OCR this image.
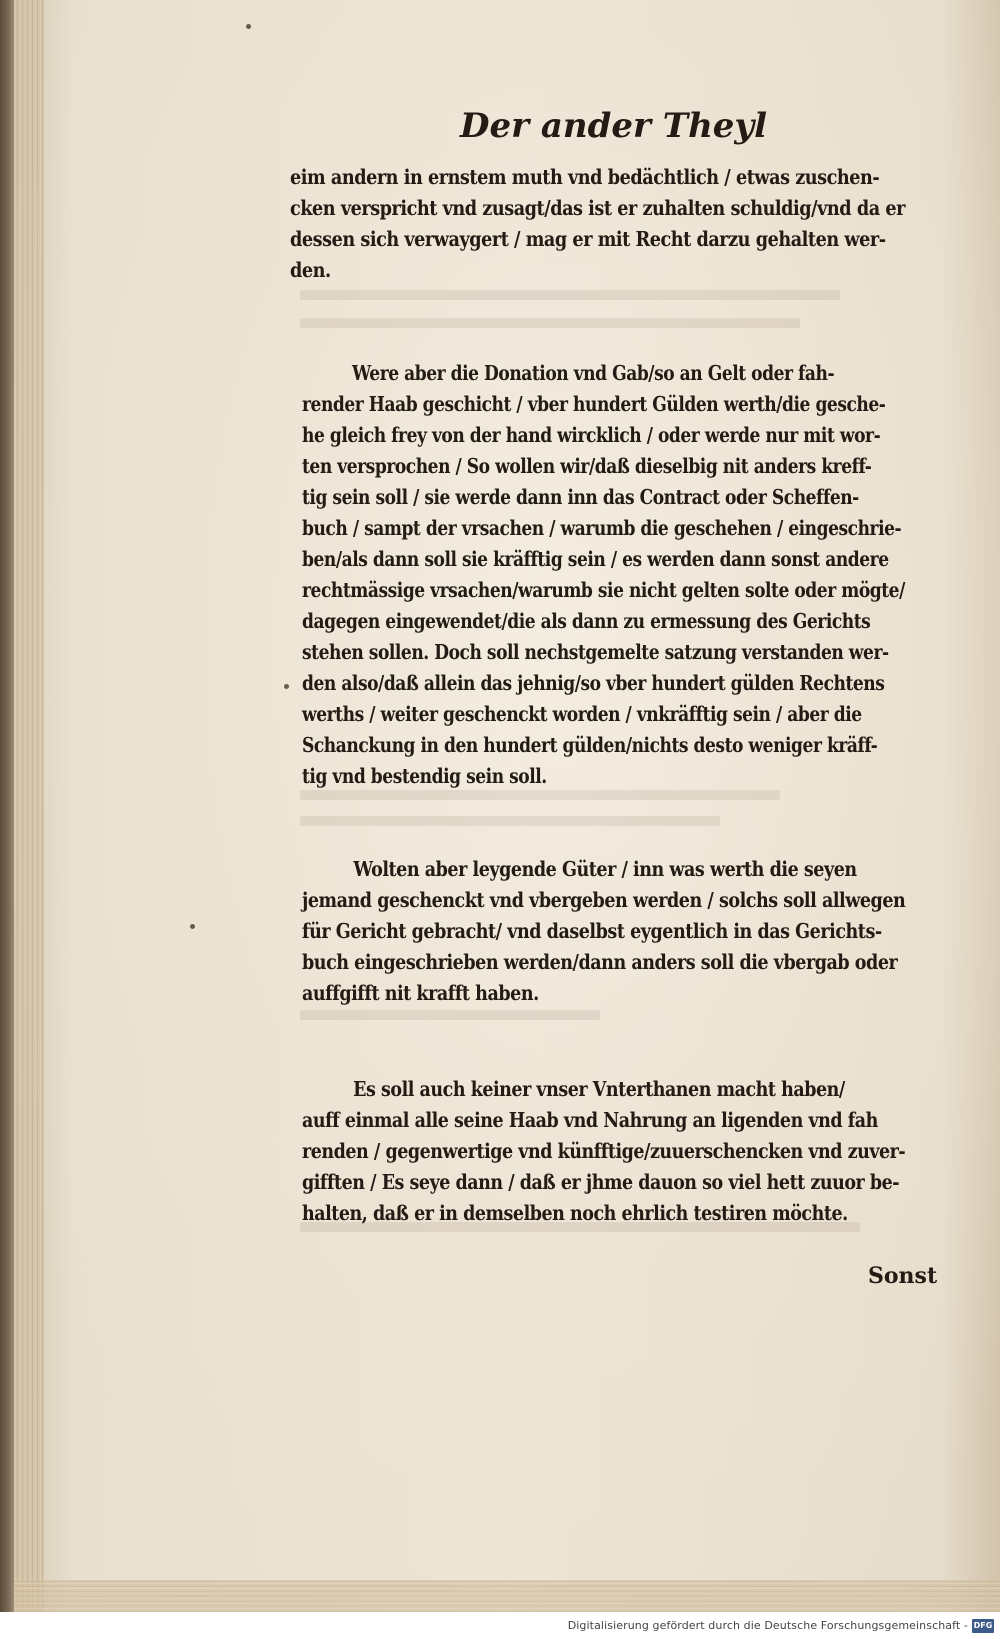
Der ander Theyl
eim andern in ernstem muth vnd bedächtlich / etwas zuschen-
cken verspricht vnd zusagt/das ist er zuhalten schuldig/vnd da er
dessen sich verwaygert / mag er mit Recht darzu gehalten wer-
den.
Were aber die Donation vnd Gab/so an Gelt oder fah-
render Haab geschicht / vber hundert Gülden werth/die gesche-
he gleich frey von der hand wircklich / oder werde nur mit wor-
ten versprochen / So wollen wir/daß dieselbig nit anders kreff-
tig sein soll / sie werde dann inn das Contract oder Scheffen-
buch / sampt der vrsachen / warumb die geschehen / eingeschrie-
ben/als dann soll sie kräfftig sein / es werden dann sonst andere
rechtmässige vrsachen/warumb sie nicht gelten solte oder mögte/
dagegen eingewendet/die als dann zu ermessung des Gerichts
stehen sollen. Doch soll nechstgemelte satzung verstanden wer-
den also/daß allein das jehnig/so vber hundert gülden Rechtens
werths / weiter geschenckt worden / vnkräfftig sein / aber die
Schanckung in den hundert gülden/nichts desto weniger kräff-
tig vnd bestendig sein soll.
Wolten aber leygende Güter / inn was werth die seyen
jemand geschenckt vnd vbergeben werden / solchs soll allwegen
für Gericht gebracht/ vnd daselbst eygentlich in das Gerichts-
buch eingeschrieben werden/dann anders soll die vbergab oder
auffgifft nit krafft haben.
Es soll auch keiner vnser Vnterthanen macht haben/
auff einmal alle seine Haab vnd Nahrung an ligenden vnd fah
renden / gegenwertige vnd künfftige/zuuerschencken vnd zuver-
gifften / Es seye dann / daß er jhme dauon so viel hett zuuor be-
halten, daß er in demselben noch ehrlich testiren möchte.
Sonst
Digitalisierung gefördert durch die Deutsche Forschungsgemeinschaft - DFG
